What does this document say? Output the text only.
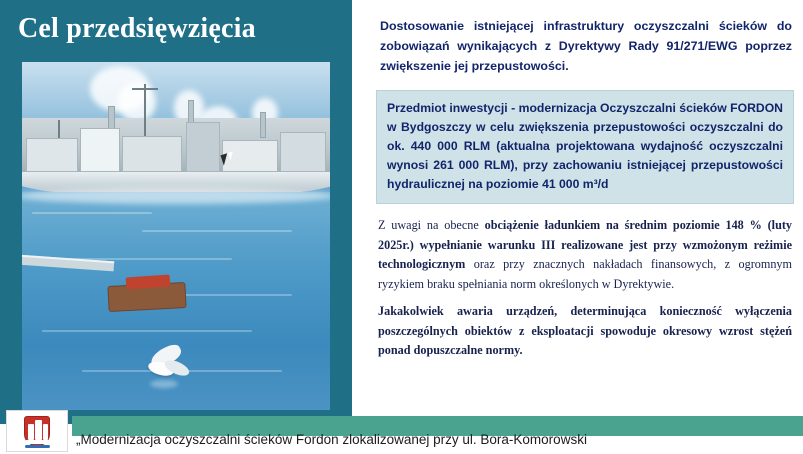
Cel przedsięwzięcia	Dostosowanie istniejącej infrastruktury oczyszczalni ścieków do zobowiązań wynikających z Dyrektywy Rady 91/271/EWG poprzez zwiększenie jej przepustowości.

Przedmiot inwestycji - modernizacja Oczyszczalni ścieków FORDON w Bydgoszczy w celu zwiększenia przepustowości oczyszczalni do ok. 440 000 RLM (aktualna projektowana wydajność oczyszczalni wynosi 261 000 RLM), przy zachowaniu istniejącej przepustowości hydraulicznej na poziomie 41 000 m³/d

Z uwagi na obecne obciążenie ładunkiem na średnim poziomie 148 % (luty 2025r.) wypełnianie warunku III realizowane jest przy wzmożonym reżimie technologicznym oraz przy znacznych nakładach finansowych, z ogromnym ryzykiem braku spełniania norm określonych w Dyrektywie.

Jakakolwiek awaria urządzeń, determinująca konieczność wyłączenia poszczególnych obiektów z eksploatacji spowoduje okresowy wzrost stężeń ponad dopuszczalne normy.

„Modernizacja oczyszczalni ścieków Fordon zlokalizowanej przy ul. Bora-Komorowski
